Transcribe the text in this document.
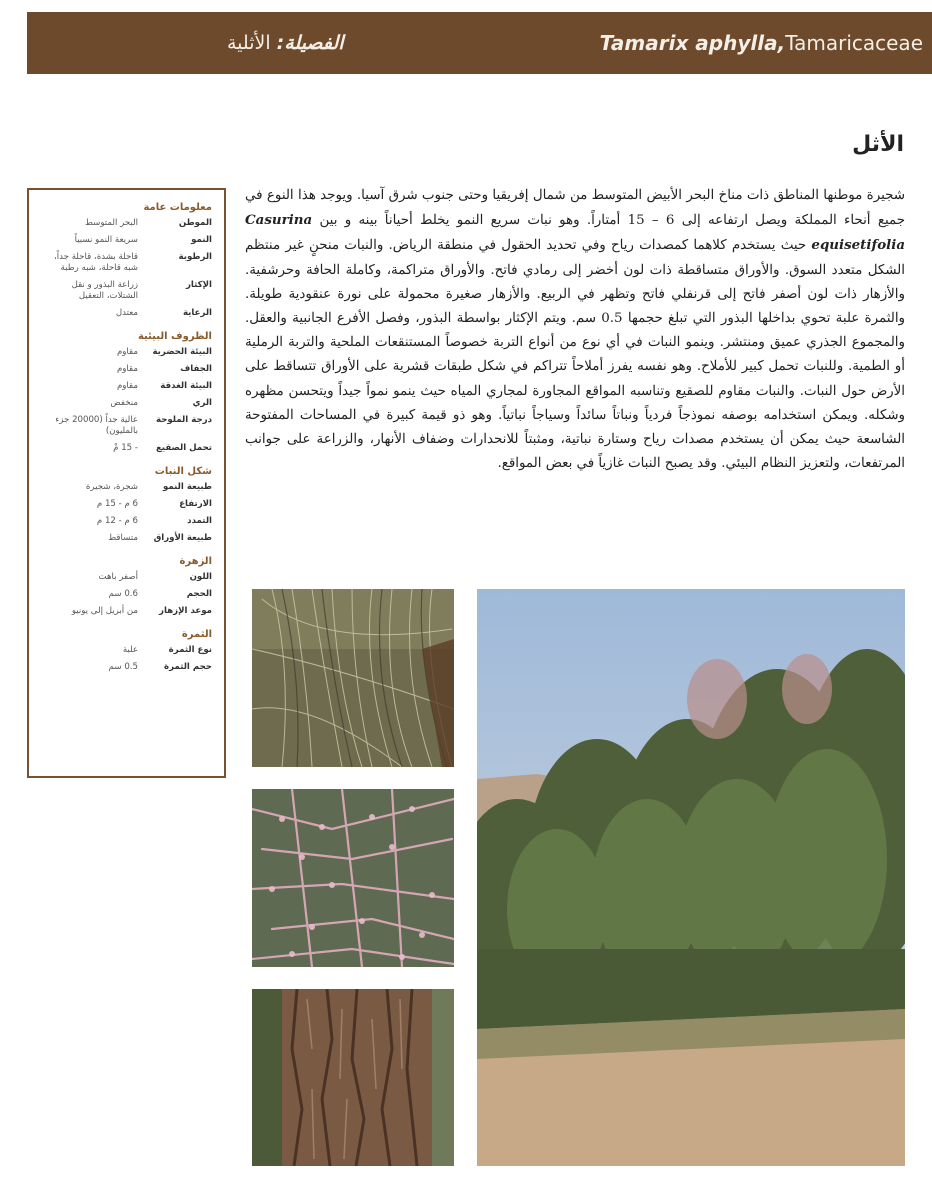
الفصيلة:
الأثلية	Tamarix aphylla, Tamaricaceae
الأثل
شجيرة موطنها المناطق ذات مناخ البحر الأبيض المتوسط من شمال إفريقيا وحتى جنوب شرق آسيا. ويوجد هذا النوع في جميع أنحاء المملكة ويصل ارتفاعه إلى 6 – 15 أمتاراً. وهو نبات سريع النمو يخلط أحياناً بينه و بين Casurina equisetifolia حيث يستخدم كلاهما كمصدات رياح وفي تحديد الحقول في منطقة الرياض. والنبات منحنٍ غير منتظم الشكل متعدد السوق. والأوراق متساقطة ذات لون أخضر إلى رمادي فاتح. والأوراق متراكمة، وكاملة الحافة وحرشفية. والأزهار ذات لون أصفر فاتح إلى قرنفلي فاتح وتظهر في الربيع. والأزهار صغيرة محمولة على نورة عنقودية طويلة. والثمرة علبة تحوي بداخلها البذور التي تبلغ حجمها 0.5 سم. ويتم الإكثار بواسطة البذور، وفصل الأفرع الجانبية والعقل. والمجموع الجذري عميق ومنتشر. وينمو النبات في أي نوع من أنواع التربة خصوصاً المستنقعات الملحية والتربة الرملية أو الطمية. وللنبات تحمل كبير للأملاح. وهو نفسه يفرز أملاحاً تتراكم في شكل طبقات قشرية على الأوراق تتساقط على الأرض حول النبات. والنبات مقاوم للصقيع وتناسبه المواقع المجاورة لمجاري المياه حيث ينمو نمواً جيداً ويتحسن مظهره وشكله. ويمكن استخدامه بوصفه نموذجاً فردياً ونباتاً سائداً وسياجاً نباتياً. وهو ذو قيمة كبيرة في المساحات المفتوحة الشاسعة حيث يمكن أن يستخدم مصدات رياح وستارة نباتية، ومثبتاً للانحدارات وضفاف الأنهار، والزراعة على جوانب المرتفعات، ولتعزيز النظام البيئي. وقد يصبح النبات غازياً في بعض المواقع.
معلومات عامة
الموطن
البحر المتوسط
النمو
سريعة النمو نسبياً
الرطوبة
قاحلة بشدة، قاحلة جداً، شبه قاحلة، شبه رطبة
الإكثار
زراعة البذور و نقل الشتلات، التعقيل
الرعاية
معتدل
الظروف البيئية
البيئة الحضرية
مقاوم
الجفاف
مقاوم
البيئة الغدقة
مقاوم
الري
منخفض
درجة الملوحة
عالية جداً (20000 جزء بالمليون)
تحمل الصقيع
- 15 مْ
شكل النبات
طبيعة النمو
شجرة، شجيرة
الارتفاع
6 م - 15 م
التمدد
6 م - 12 م
طبيعة الأوراق
متساقط
الزهرة
اللون
أصفر باهت
الحجم
0.6 سم
موعد الإزهار
من أبريل إلى يونيو
الثمرة
نوع الثمرة
علبة
حجم الثمرة
0.5 سم
